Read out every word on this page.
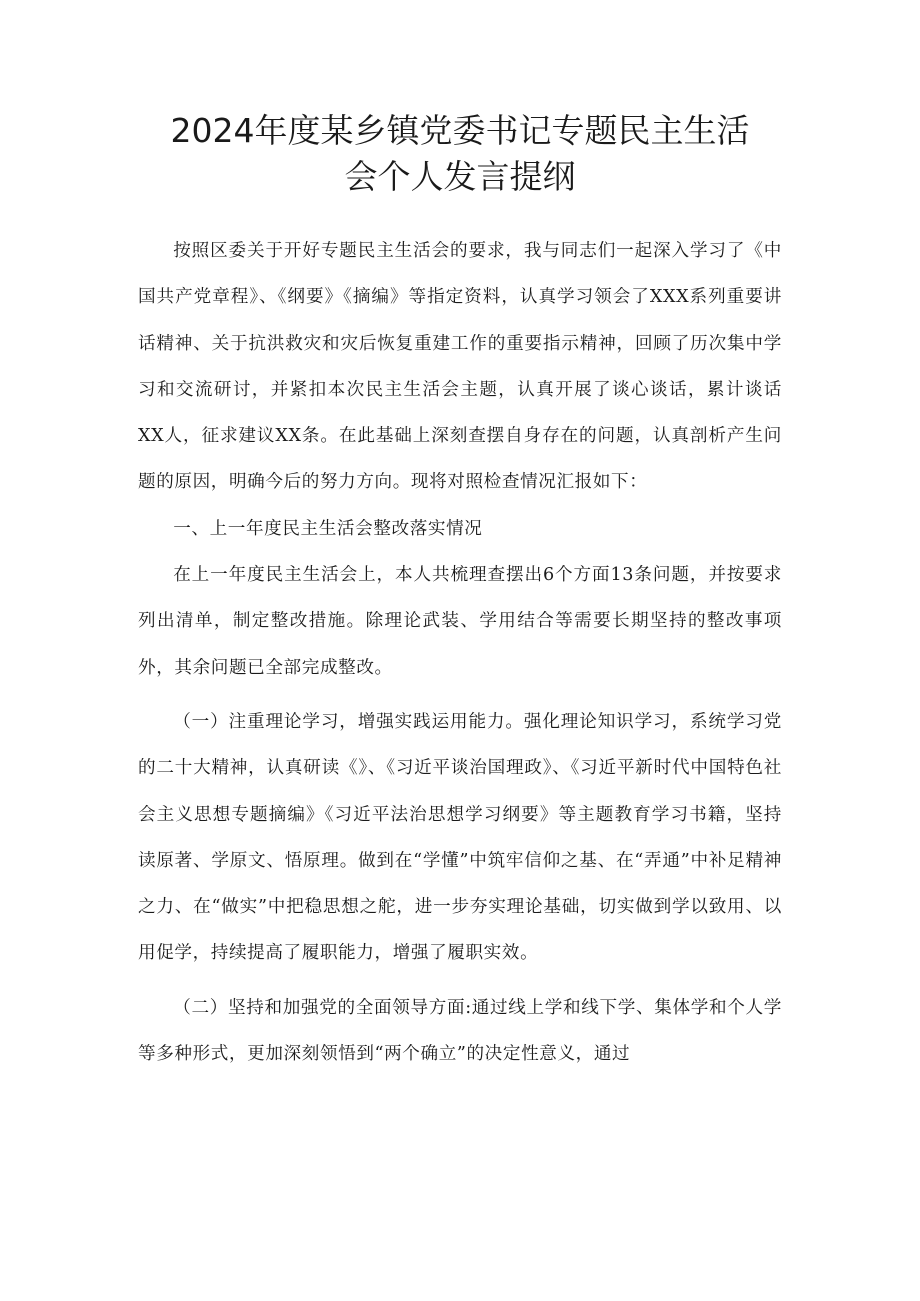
2024年度某乡镇党委书记专题民主生活
会个人发言提纲

按照区委关于开好专题民主生活会的要求，我与同志们一起深入学习了《中国共产党章程》、《纲要》《摘编》等指定资料，认真学习领会了XXX系列重要讲话精神、关于抗洪救灾和灾后恢复重建工作的重要指示精神，回顾了历次集中学习和交流研讨，并紧扣本次民主生活会主题，认真开展了谈心谈话，累计谈话XX人，征求建议XX条。在此基础上深刻查摆自身存在的问题，认真剖析产生问题的原因，明确今后的努力方向。现将对照检查情况汇报如下：

一、上一年度民主生活会整改落实情况

在上一年度民主生活会上，本人共梳理查摆出6个方面13条问题，并按要求列出清单，制定整改措施。除理论武装、学用结合等需要长期坚持的整改事项外，其余问题已全部完成整改。

（一）注重理论学习，增强实践运用能力。强化理论知识学习，系统学习党的二十大精神，认真研读《》、《习近平谈治国理政》、《习近平新时代中国特色社会主义思想专题摘编》《习近平法治思想学习纲要》等主题教育学习书籍，坚持读原著、学原文、悟原理。做到在“学懂”中筑牢信仰之基、在“弄通”中补足精神之力、在“做实”中把稳思想之舵，进一步夯实理论基础，切实做到学以致用、以用促学，持续提高了履职能力，增强了履职实效。

（二）坚持和加强党的全面领导方面:通过线上学和线下学、集体学和个人学等多种形式，更加深刻领悟到“两个确立”的决定性意义，通过
